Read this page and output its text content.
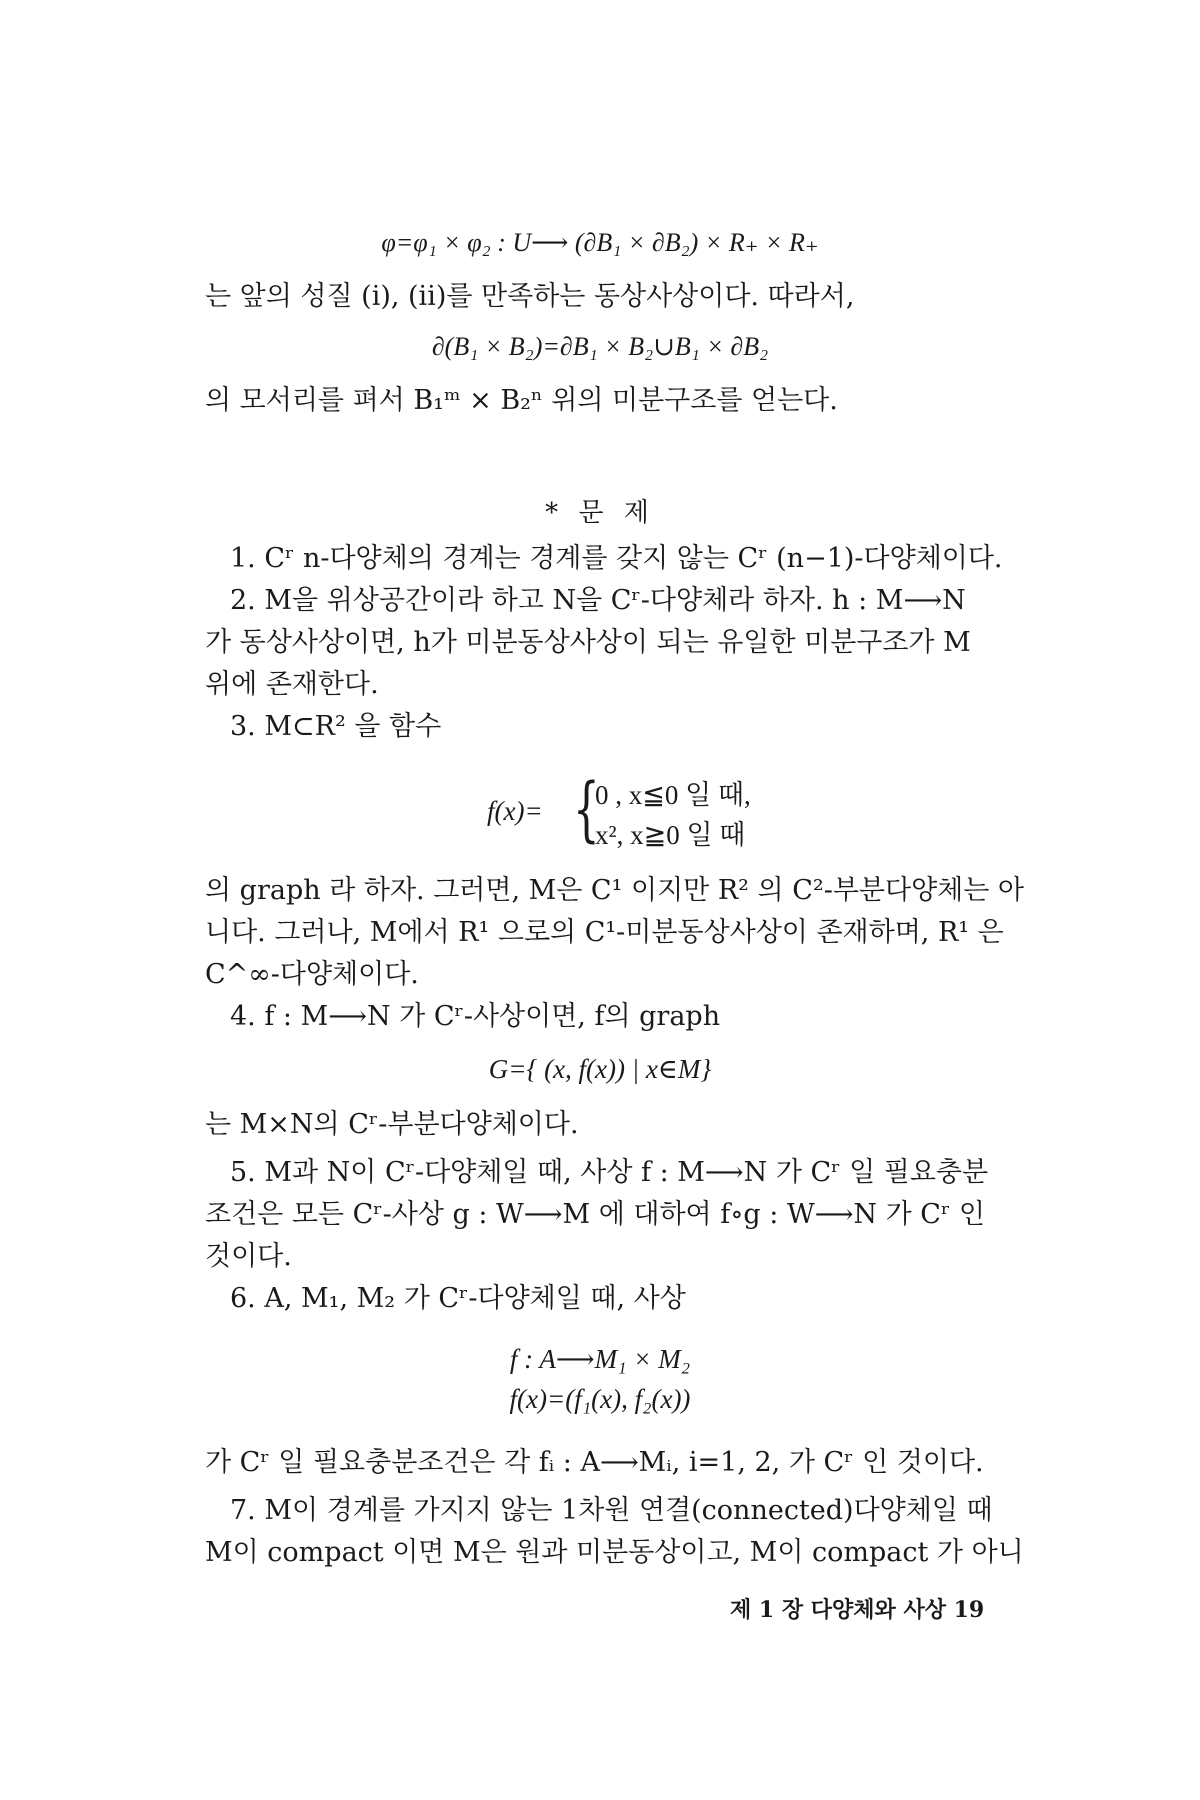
φ=φ₁ × φ₂ : U⟶ (∂B₁ × ∂B₂) × R₊ × R₊
는 앞의 성질 (i), (ii)를 만족하는 동상사상이다. 따라서,
∂(B₁ × B₂)=∂B₁ × B₂∪B₁ × ∂B₂
의 모서리를 펴서 B₁ᵐ × B₂ⁿ 위의 미분구조를 얻는다.
* 문 제
1. Cʳ n-다양체의 경계는 경계를 갖지 않는 Cʳ (n−1)-다양체이다.
2. M을 위상공간이라 하고 N을 Cʳ-다양체라 하자. h : M⟶N
가 동상사상이면, h가 미분동상사상이 되는 유일한 미분구조가 M
위에 존재한다.
3. M⊂R² 을 함수
f(x)= {
0 , x≦0 일 때,
x², x≧0 일 때
의 graph 라 하자. 그러면, M은 C¹ 이지만 R² 의 C²-부분다양체는 아
니다. 그러나, M에서 R¹ 으로의 C¹-미분동상사상이 존재하며, R¹ 은
C^∞-다양체이다.
4. f : M⟶N 가 Cʳ-사상이면, f의 graph
G={ (x, f(x)) | x∈M}
는 M×N의 Cʳ-부분다양체이다.
5. M과 N이 Cʳ-다양체일 때, 사상 f : M⟶N 가 Cʳ 일 필요충분
조건은 모든 Cʳ-사상 g : W⟶M 에 대하여 f∘g : W⟶N 가 Cʳ 인
것이다.
6. A, M₁, M₂ 가 Cʳ-다양체일 때, 사상
f : A⟶M₁ × M₂
f(x)=(f₁(x), f₂(x))
가 Cʳ 일 필요충분조건은 각 fᵢ : A⟶Mᵢ, i=1, 2, 가 Cʳ 인 것이다.
7. M이 경계를 가지지 않는 1차원 연결(connected)다양체일 때
M이 compact 이면 M은 원과 미분동상이고, M이 compact 가 아니
제 1 장 다양체와 사상 19
